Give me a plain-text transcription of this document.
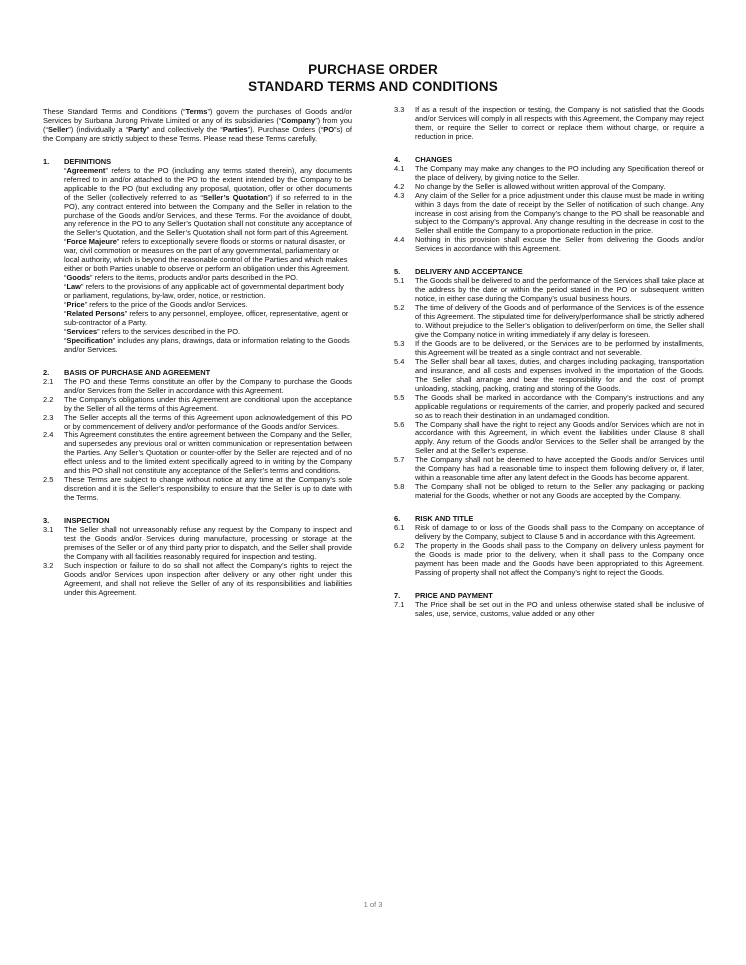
PURCHASE ORDER
STANDARD TERMS AND CONDITIONS

These Standard Terms and Conditions (“Terms”) govern the purchases of Goods and/or Services by Surbana Jurong Private Limited or any of its subsidiaries (“Company”) from you (“Seller”) (individually a “Party” and collectively the “Parties”). Purchase Orders (“PO”s) of the Company are strictly subject to these Terms. Please read these Terms carefully.

1.	DEFINITIONS

“Agreement” refers to the PO (including any terms stated therein), any documents referred to in and/or attached to the PO to the extent intended by the Company to be applicable to the PO (but excluding any proposal, quotation, offer or other documents of the Seller (collectively referred to as “Seller’s Quotation”) if so referred to in the PO), any contract entered into between the Company and the Seller in relation to the purchase of the Goods and/or Services, and these Terms. For the avoidance of doubt, any reference in the PO to any Seller’s Quotation shall not constitute any acceptance of the Seller’s Quotation, and the Seller’s Quotation shall not form part of this Agreement.

“Force Majeure” refers to exceptionally severe floods or storms or natural disaster, or war, civil commotion or measures on the part of any governmental, parliamentary or local authority, which is beyond the reasonable control of the Parties and which makes either or both Parties unable to observe or perform an obligation under this Agreement.

“Goods” refers to the items, products and/or parts described in the PO.

“Law” refers to the provisions of any applicable act of governmental department body or parliament, regulations, by-law, order, notice, or restriction.

“Price” refers to the price of the Goods and/or Services.

“Related Persons” refers to any personnel, employee, officer, representative, agent or sub-contractor of a Party.

“Services” refers to the services described in the PO.

“Specification” includes any plans, drawings, data or information relating to the Goods and/or Services.

2.	BASIS OF PURCHASE AND AGREEMENT
2.1	The PO and these Terms constitute an offer by the Company to purchase the Goods and/or Services from the Seller in accordance with this Agreement.
2.2	The Company’s obligations under this Agreement are conditional upon the acceptance by the Seller of all the terms of this Agreement.
2.3	The Seller accepts all the terms of this Agreement upon acknowledgement of this PO or by commencement of delivery and/or performance of the Goods and/or Services.
2.4	This Agreement constitutes the entire agreement between the Company and the Seller, and supersedes any previous oral or written communication or representation between the Parties. Any Seller’s Quotation or counter-offer by the Seller are rejected and of no effect unless and to the limited extent specifically agreed to in writing by the Company and this PO shall not constitute any acceptance of the Seller’s terms and conditions.
2.5	These Terms are subject to change without notice at any time at the Company’s sole discretion and it is the Seller’s responsibility to ensure that the Seller is up to date with the Terms.
3.	INSPECTION
3.1	The Seller shall not unreasonably refuse any request by the Company to inspect and test the Goods and/or Services during manufacture, processing or storage at the premises of the Seller or of any third party prior to dispatch, and the Seller shall provide the Company with all facilities reasonably required for inspection and testing.
3.2	Such inspection or failure to do so shall not affect the Company’s rights to reject the Goods and/or Services upon inspection after delivery or any other right under this Agreement, and shall not relieve the Seller of any of its responsibilities and liabilities under this Agreement.
3.3	If as a result of the inspection or testing, the Company is not satisfied that the Goods and/or Services will comply in all respects with this Agreement, the Company may reject them, or require the Seller to correct or replace them without charge, or require a reduction in price.
4.	CHANGES
4.1	The Company may make any changes to the PO including any Specification thereof or the place of delivery, by giving notice to the Seller.
4.2	No change by the Seller is allowed without written approval of the Company.
4.3	Any claim of the Seller for a price adjustment under this clause must be made in writing within 3 days from the date of receipt by the Seller of notification of such change. Any increase in cost arising from the Company’s change to the PO shall be reasonable and subject to the Company’s approval. Any change resulting in the decrease in cost to the Seller shall entitle the Company to a proportionate reduction in the price.
4.4	Nothing in this provision shall excuse the Seller from delivering the Goods and/or Services in accordance with this Agreement.
5.	DELIVERY AND ACCEPTANCE
5.1	The Goods shall be delivered to and the performance of the Services shall take place at the address by the date or within the period stated in the PO or subsequent written notice, in either case during the Company’s usual business hours.
5.2	The time of delivery of the Goods and of performance of the Services is of the essence of this Agreement. The stipulated time for delivery/performance shall be strictly adhered to. Without prejudice to the Seller’s obligation to deliver/perform on time, the Seller shall give the Company notice in writing immediately if any delay is foreseen.
5.3	If the Goods are to be delivered, or the Services are to be performed by installments, this Agreement will be treated as a single contract and not severable.
5.4	The Seller shall bear all taxes, duties, and charges including packaging, transportation and insurance, and all costs and expenses involved in the importation of the Goods. The Seller shall arrange and bear the responsibility for and the cost of prompt unloading, stacking, packing, crating and storing of the Goods.
5.5	The Goods shall be marked in accordance with the Company’s instructions and any applicable regulations or requirements of the carrier, and properly packed and secured so as to reach their destination in an undamaged condition.
5.6	The Company shall have the right to reject any Goods and/or Services which are not in accordance with this Agreement, in which event the liabilities under Clause 8 shall apply. Any return of the Goods and/or Services to the Seller shall be arranged by the Seller and at the Seller’s expense.
5.7	The Company shall not be deemed to have accepted the Goods and/or Services until the Company has had a reasonable time to inspect them following delivery or, if later, within a reasonable time after any latent defect in the Goods has become apparent.
5.8	The Company shall not be obliged to return to the Seller any packaging or packing material for the Goods, whether or not any Goods are accepted by the Company.
6.	RISK AND TITLE
6.1	Risk of damage to or loss of the Goods shall pass to the Company on acceptance of delivery by the Company, subject to Clause 5 and in accordance with this Agreement.
6.2	The property in the Goods shall pass to the Company on delivery unless payment for the Goods is made prior to the delivery, when it shall pass to the Company once payment has been made and the Goods have been appropriated to this Agreement. Passing of property shall not affect the Company’s right to reject the Goods.
7.	PRICE AND PAYMENT
7.1	The Price shall be set out in the PO and unless otherwise stated shall be inclusive of sales, use, service, customs, value added or any other
1 of 3
